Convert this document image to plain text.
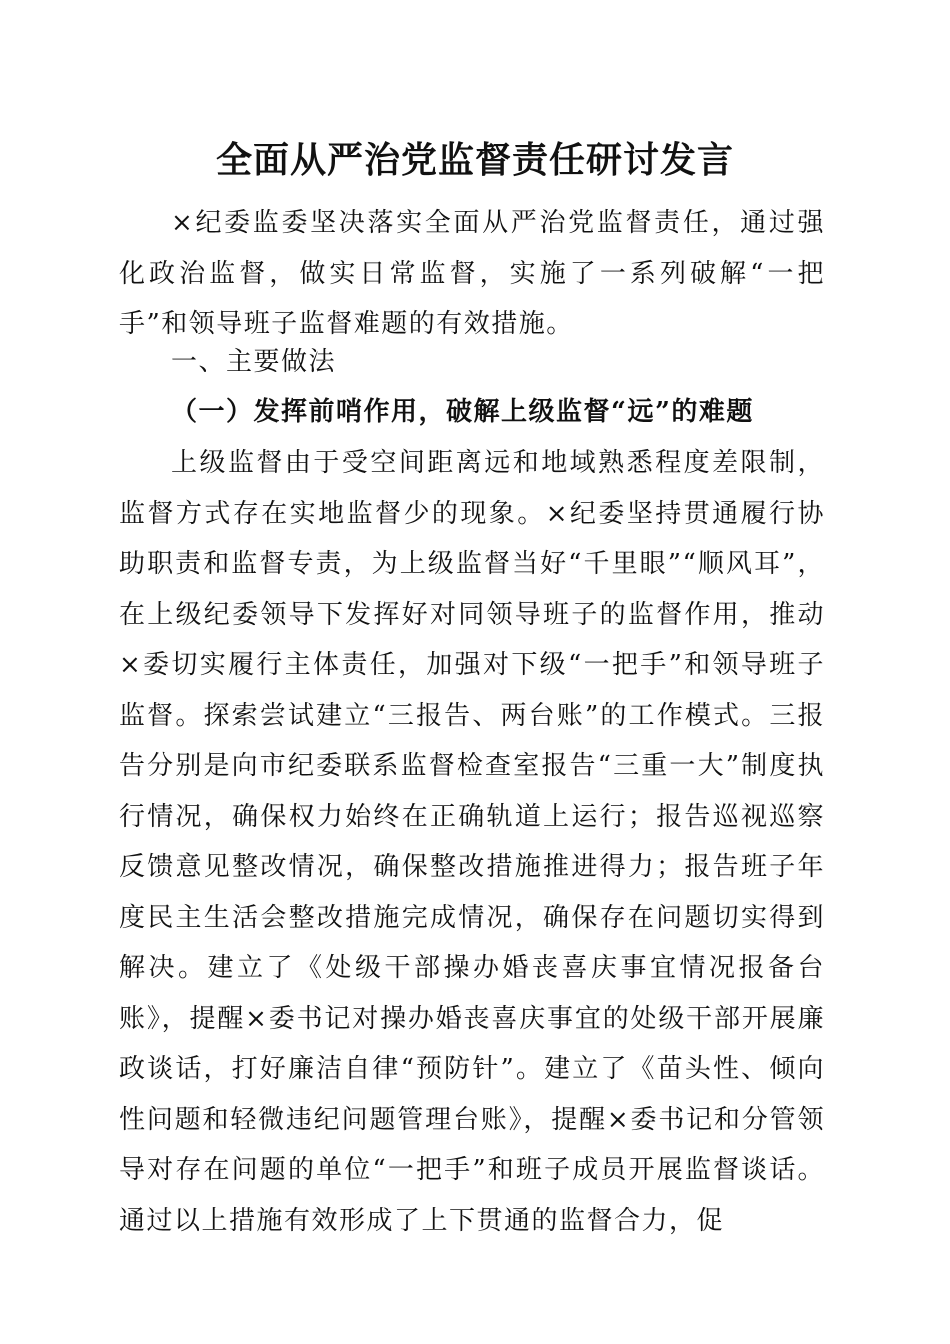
全面从严治党监督责任研讨发言

×纪委监委坚决落实全面从严治党监督责任，通过强化政治监督，做实日常监督，实施了一系列破解“一把手”和领导班子监督难题的有效措施。

一、主要做法

（一）发挥前哨作用，破解上级监督“远”的难题

上级监督由于受空间距离远和地域熟悉程度差限制，监督方式存在实地监督少的现象。×纪委坚持贯通履行协助职责和监督专责，为上级监督当好“千里眼”“顺风耳”，在上级纪委领导下发挥好对同领导班子的监督作用，推动×委切实履行主体责任，加强对下级“一把手”和领导班子监督。探索尝试建立“三报告、两台账”的工作模式。三报告分别是向市纪委联系监督检查室报告“三重一大”制度执行情况，确保权力始终在正确轨道上运行；报告巡视巡察反馈意见整改情况，确保整改措施推进得力；报告班子年度民主生活会整改措施完成情况，确保存在问题切实得到解决。建立了《处级干部操办婚丧喜庆事宜情况报备台账》，提醒×委书记对操办婚丧喜庆事宜的处级干部开展廉政谈话，打好廉洁自律“预防针”。建立了《苗头性、倾向性问题和轻微违纪问题管理台账》，提醒×委书记和分管领导对存在问题的单位“一把手”和班子成员开展监督谈话。通过以上措施有效形成了上下贯通的监督合力，促
